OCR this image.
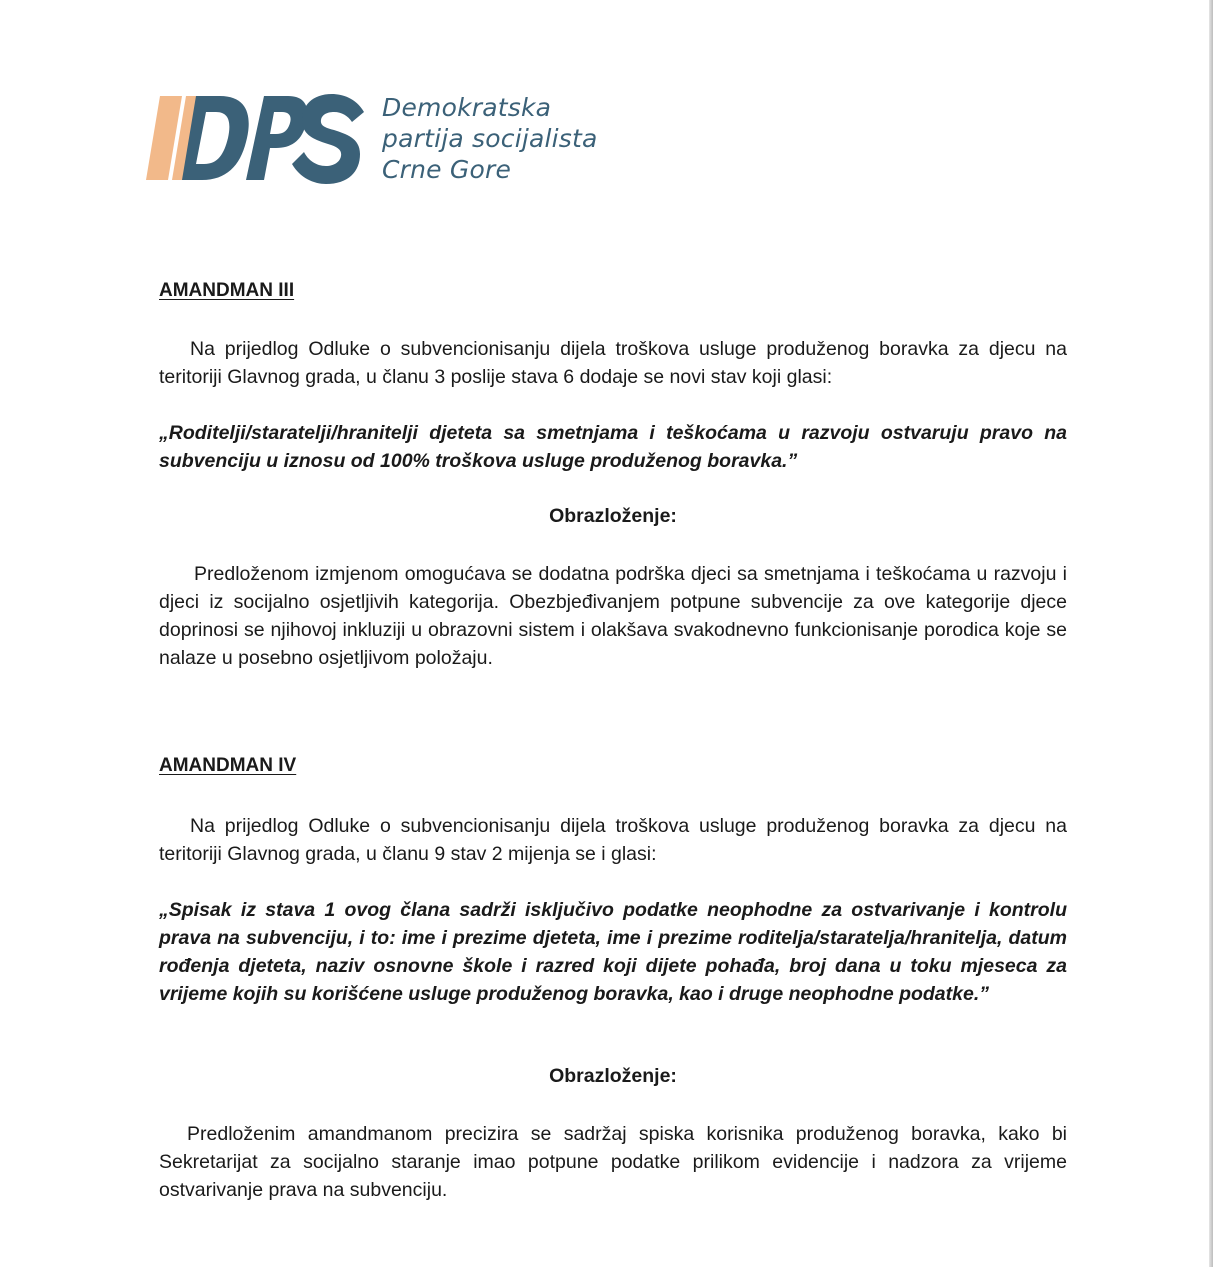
Demokratska
partija socijalista
Crne Gore
AMANDMAN III

Na prijedlog Odluke o subvencionisanju dijela troškova usluge produženog boravka za djecu na teritoriji Glavnog grada, u članu 3 poslije stava 6 dodaje se novi stav koji glasi:

„Roditelji/staratelji/hranitelji djeteta sa smetnjama i teškoćama u razvoju ostvaruju pravo na subvenciju u iznosu od 100% troškova usluge produženog boravka.”
Obrazloženje:

Predloženom izmjenom omogućava se dodatna podrška djeci sa smetnjama i teškoćama u razvoju i djeci iz socijalno osjetljivih kategorija. Obezbjeđivanjem potpune subvencije za ove kategorije djece doprinosi se njihovoj inkluziji u obrazovni sistem i olakšava svakodnevno funkcionisanje porodica koje se nalaze u posebno osjetljivom položaju.

AMANDMAN IV

Na prijedlog Odluke o subvencionisanju dijela troškova usluge produženog boravka za djecu na teritoriji Glavnog grada, u članu 9 stav 2 mijenja se i glasi:

„Spisak iz stava 1 ovog člana sadrži isključivo podatke neophodne za ostvarivanje i kontrolu prava na subvenciju, i to: ime i prezime djeteta, ime i prezime roditelja/staratelja/hranitelja, datum rođenja djeteta, naziv osnovne škole i razred koji dijete pohađa, broj dana u toku mjeseca za vrijeme kojih su korišćene usluge produženog boravka, kao i druge neophodne podatke.”
Obrazloženje:

Predloženim amandmanom precizira se sadržaj spiska korisnika produženog boravka, kako bi Sekretarijat za socijalno staranje imao potpune podatke prilikom evidencije i nadzora za vrijeme ostvarivanje prava na subvenciju.
